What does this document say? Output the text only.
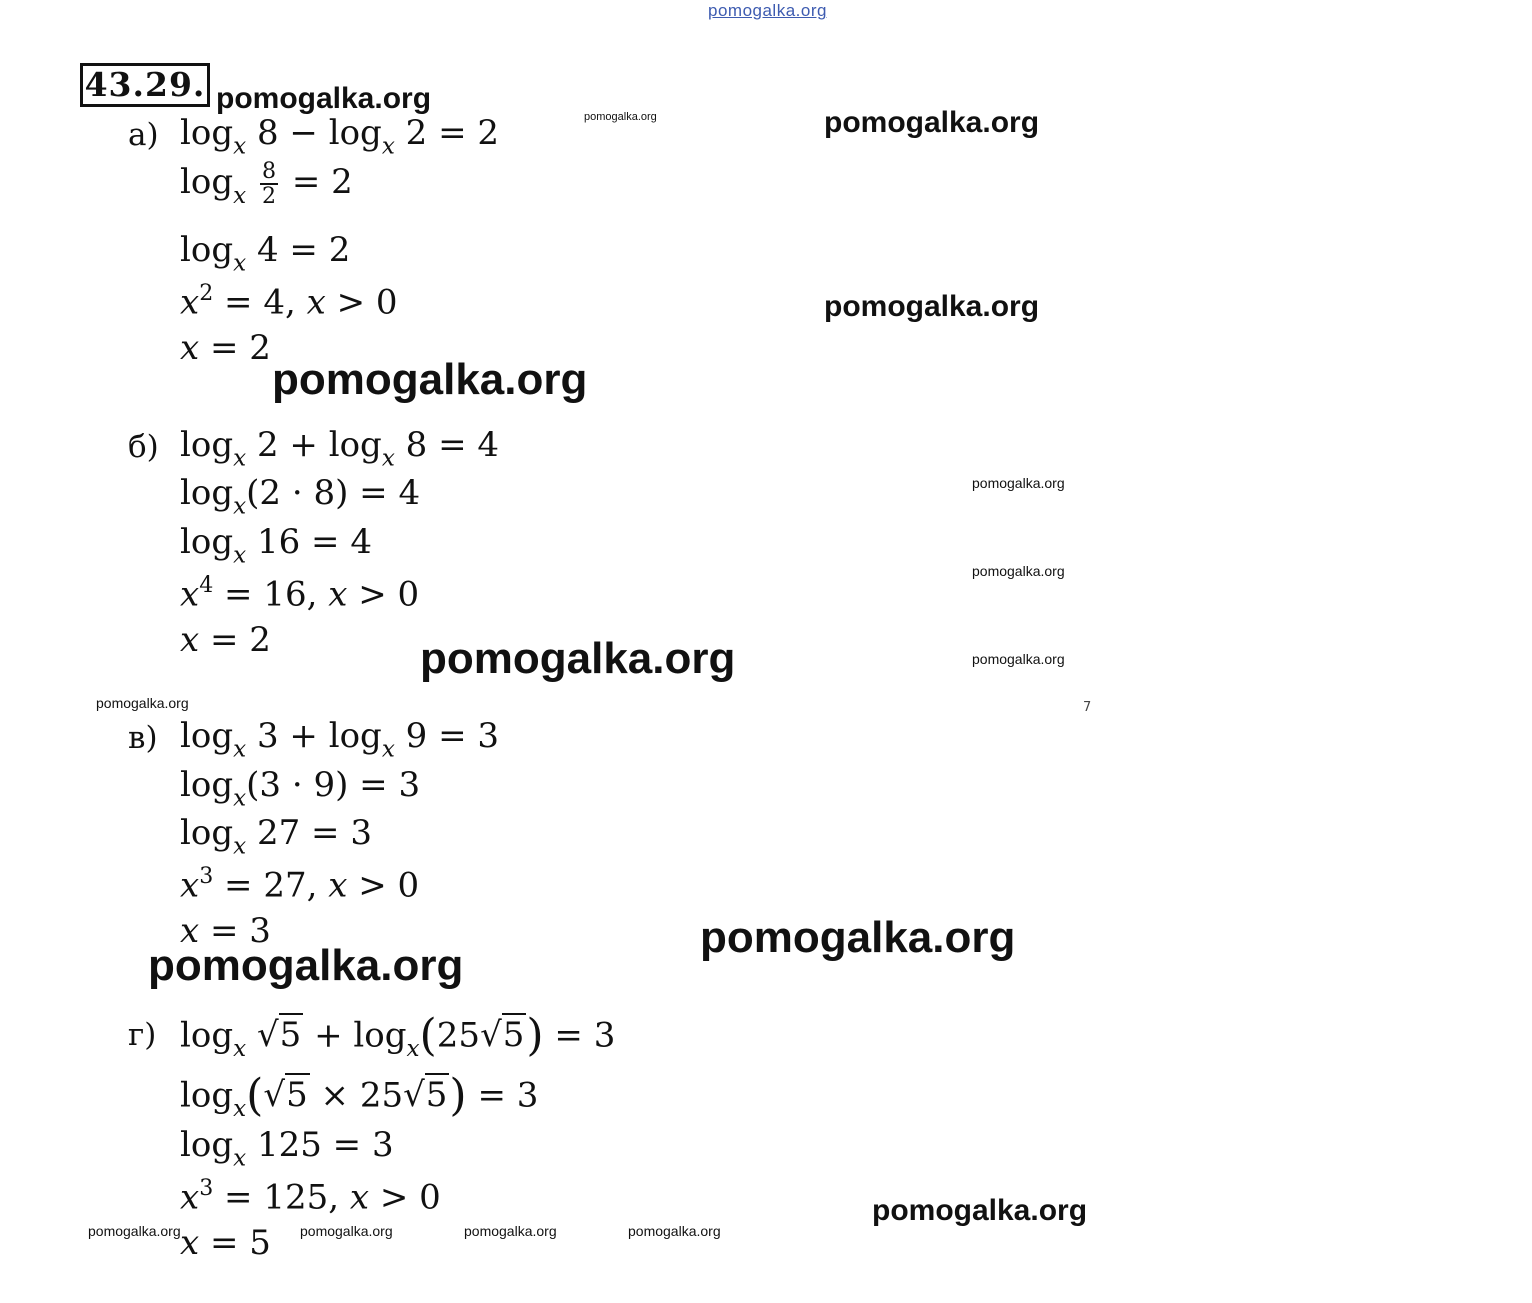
pomogalka.org
pomogalka.org
pomogalka.org	pomogalka.org
pomogalka.org
pomogalka.org
pomogalka.org
pomogalka.org
pomogalka.org	pomogalka.org
pomogalka.org
pomogalka.org
pomogalka.org
pomogalka.org
pomogalka.org	pomogalka.org	pomogalka.org	pomogalka.org
7
43.29.
а) $\log_x 8 - \log_x 2 = 2$
$\log_x \frac{8}{2} = 2$
$\log_x 4 = 2$
$x^2 = 4$, x > 0
x = 2
б) $\log_x 2 + \log_x 8 = 4$
$\log_x(2 \cdot 8) = 4$
$\log_x 16 = 4$
$x^4 = 16$, x > 0
x = 2
в) $\log_x 3 + \log_x 9 = 3$
$\log_x(3 \cdot 9) = 3$
$\log_x 27 = 3$
$x^3 = 27$, x > 0
x = 3
г) $\log_x √5 + \log_x(25√5) = 3$
$\log_x(√5 \times 25√5) = 3$
$\log_x 125 = 3$
$x^3 = 125$, x > 0
x = 5
